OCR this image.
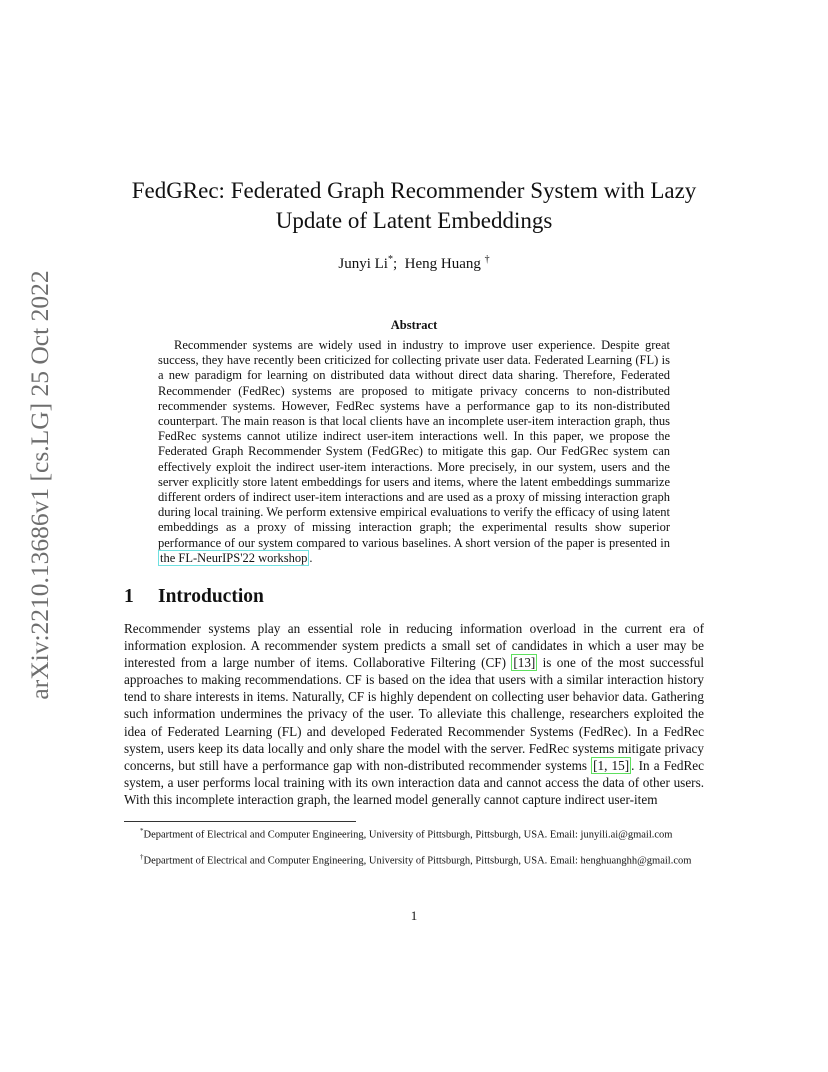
arXiv:2210.13686v1 [cs.LG] 25 Oct 2022
FedGRec: Federated Graph Recommender System with Lazy
Update of Latent Embeddings
Junyi Li*;  Heng Huang †
Abstract
Recommender systems are widely used in industry to improve user experience. Despite great success, they have recently been criticized for collecting private user data. Federated Learning (FL) is a new paradigm for learning on distributed data without direct data sharing. Therefore, Federated Recommender (FedRec) systems are proposed to mitigate privacy concerns to non-distributed recommender systems. However, FedRec systems have a performance gap to its non-distributed counterpart. The main reason is that local clients have an incomplete user-item interaction graph, thus FedRec systems cannot utilize indirect user-item interactions well. In this paper, we propose the Federated Graph Recommender System (FedGRec) to mitigate this gap. Our FedGRec system can effectively exploit the indirect user-item interactions. More precisely, in our system, users and the server explicitly store latent embeddings for users and items, where the latent embeddings summarize different orders of indirect user-item interactions and are used as a proxy of missing interaction graph during local training. We perform extensive empirical evaluations to verify the efficacy of using latent embeddings as a proxy of missing interaction graph; the experimental results show superior performance of our system compared to various baselines. A short version of the paper is presented in the FL-NeurIPS'22 workshop .
1 Introduction
Recommender systems play an essential role in reducing information overload in the current era of information explosion. A recommender system predicts a small set of candidates in which a user may be interested from a large number of items. Collaborative Filtering (CF) [13] is one of the most successful approaches to making recommendations. CF is based on the idea that users with a similar interaction history tend to share interests in items. Naturally, CF is highly dependent on collecting user behavior data. Gathering such information undermines the privacy of the user. To alleviate this challenge, researchers exploited the idea of Federated Learning (FL) and developed Federated Recommender Systems (FedRec). In a FedRec system, users keep its data locally and only share the model with the server. FedRec systems mitigate privacy concerns, but still have a performance gap with non-distributed recommender systems [1, 15] . In a FedRec system, a user performs local training with its own interaction data and cannot access the data of other users. With this incomplete interaction graph, the learned model generally cannot capture indirect user-item
*Department of Electrical and Computer Engineering, University of Pittsburgh, Pittsburgh, USA. Email: junyili.ai@gmail.com
†Department of Electrical and Computer Engineering, University of Pittsburgh, Pittsburgh, USA. Email: henghuanghh@gmail.com
1
